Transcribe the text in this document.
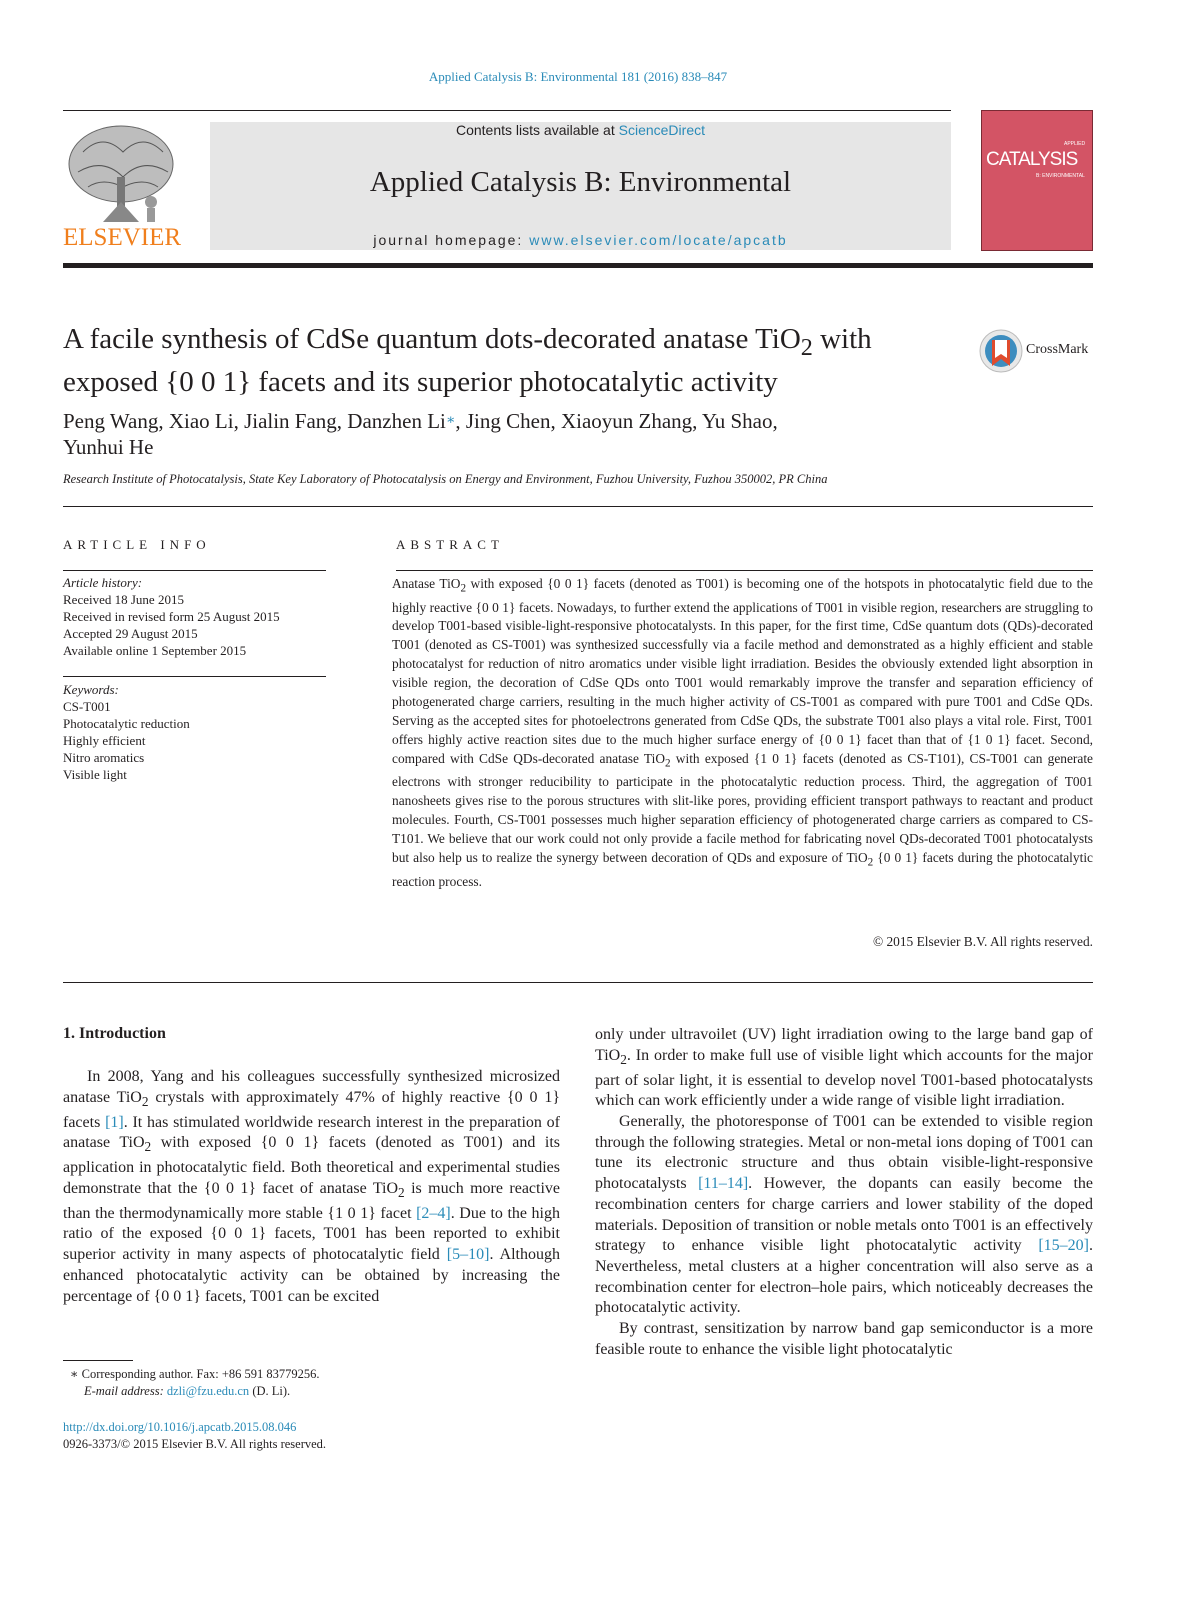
Applied Catalysis B: Environmental 181 (2016) 838–847
ELSEVIER
Contents lists available at ScienceDirect
Applied Catalysis B: Environmental
journal homepage: www.elsevier.com/locate/apcatb
APPLIED
CATALYSIS
B: ENVIRONMENTAL
A facile synthesis of CdSe quantum dots-decorated anatase TiO$_2$ with
exposed {0 0 1} facets and its superior photocatalytic activity
CrossMark
Peng Wang, Xiao Li, Jialin Fang, Danzhen Li∗, Jing Chen, Xiaoyun Zhang, Yu Shao,
Yunhui He
Research Institute of Photocatalysis, State Key Laboratory of Photocatalysis on Energy and Environment, Fuzhou University, Fuzhou 350002, PR China
ARTICLE INFO
Article history:
Received 18 June 2015
Received in revised form 25 August 2015
Accepted 29 August 2015
Available online 1 September 2015
Keywords:
CS-T001
Photocatalytic reduction
Highly efficient
Nitro aromatics
Visible light
ABSTRACT
Anatase TiO$_2$ with exposed {0 0 1} facets (denoted as T001) is becoming one of the hotspots in photocatalytic field due to the highly reactive {0 0 1} facets. Nowadays, to further extend the applications of T001 in visible region, researchers are struggling to develop T001-based visible-light-responsive photocatalysts. In this paper, for the first time, CdSe quantum dots (QDs)-decorated T001 (denoted as CS-T001) was synthesized successfully via a facile method and demonstrated as a highly efficient and stable photocatalyst for reduction of nitro aromatics under visible light irradiation. Besides the obviously extended light absorption in visible region, the decoration of CdSe QDs onto T001 would remarkably improve the transfer and separation efficiency of photogenerated charge carriers, resulting in the much higher activity of CS-T001 as compared with pure T001 and CdSe QDs. Serving as the accepted sites for photoelectrons generated from CdSe QDs, the substrate T001 also plays a vital role. First, T001 offers highly active reaction sites due to the much higher surface energy of {0 0 1} facet than that of {1 0 1} facet. Second, compared with CdSe QDs-decorated anatase TiO$_2$ with exposed {1 0 1} facets (denoted as CS-T101), CS-T001 can generate electrons with stronger reducibility to participate in the photocatalytic reduction process. Third, the aggregation of T001 nanosheets gives rise to the porous structures with slit-like pores, providing efficient transport pathways to reactant and product molecules. Fourth, CS-T001 possesses much higher separation efficiency of photogenerated charge carriers as compared to CS-T101. We believe that our work could not only provide a facile method for fabricating novel QDs-decorated T001 photocatalysts but also help us to realize the synergy between decoration of QDs and exposure of TiO$_2$ {0 0 1} facets during the photocatalytic reaction process.
© 2015 Elsevier B.V. All rights reserved.
1. Introduction

In 2008, Yang and his colleagues successfully synthesized microsized anatase TiO$_2$ crystals with approximately 47% of highly reactive {0 0 1} facets [1]. It has stimulated worldwide research interest in the preparation of anatase TiO$_2$ with exposed {0 0 1} facets (denoted as T001) and its application in photocatalytic field. Both theoretical and experimental studies demonstrate that the {0 0 1} facet of anatase TiO$_2$ is much more reactive than the thermodynamically more stable {1 0 1} facet [2–4]. Due to the high ratio of the exposed {0 0 1} facets, T001 has been reported to exhibit superior activity in many aspects of photocatalytic field [5–10]. Although enhanced photocatalytic activity can be obtained by increasing the percentage of {0 0 1} facets, T001 can be excited

only under ultravoilet (UV) light irradiation owing to the large band gap of TiO$_2$. In order to make full use of visible light which accounts for the major part of solar light, it is essential to develop novel T001-based photocatalysts which can work efficiently under a wide range of visible light irradiation.

Generally, the photoresponse of T001 can be extended to visible region through the following strategies. Metal or non-metal ions doping of T001 can tune its electronic structure and thus obtain visible-light-responsive photocatalysts [11–14]. However, the dopants can easily become the recombination centers for charge carriers and lower stability of the doped materials. Deposition of transition or noble metals onto T001 is an effectively strategy to enhance visible light photocatalytic activity [15–20]. Nevertheless, metal clusters at a higher concentration will also serve as a recombination center for electron–hole pairs, which noticeably decreases the photocatalytic activity.

By contrast, sensitization by narrow band gap semiconductor is a more feasible route to enhance the visible light photocatalytic

∗ Corresponding author. Fax: +86 591 83779256.
E-mail address: dzli@fzu.edu.cn (D. Li).
http://dx.doi.org/10.1016/j.apcatb.2015.08.046
0926-3373/© 2015 Elsevier B.V. All rights reserved.
